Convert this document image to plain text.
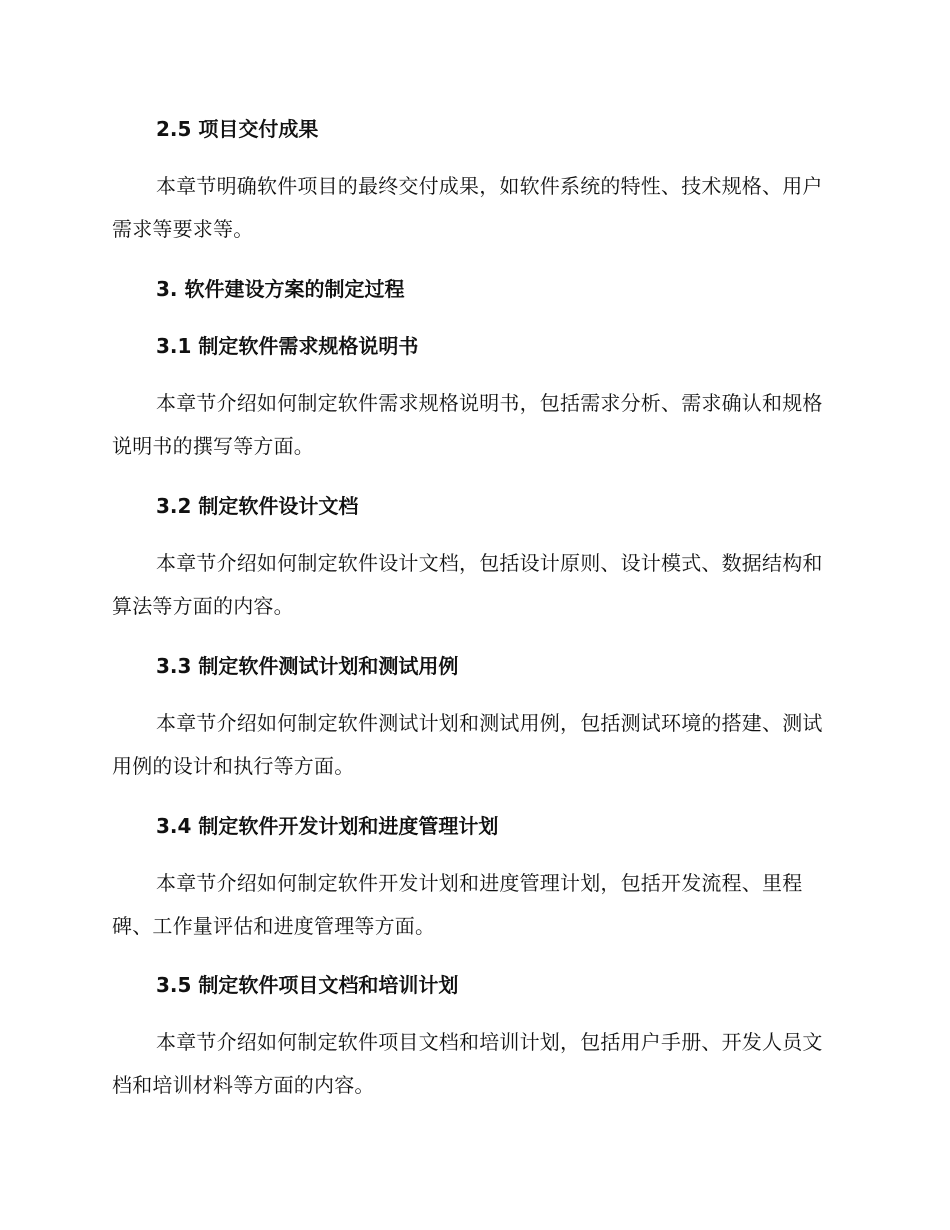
2.5 项目交付成果
本章节明确软件项目的最终交付成果，如软件系统的特性、技术规格、用户需求等要求等。
3. 软件建设方案的制定过程
3.1 制定软件需求规格说明书
本章节介绍如何制定软件需求规格说明书，包括需求分析、需求确认和规格说明书的撰写等方面。
3.2 制定软件设计文档
本章节介绍如何制定软件设计文档，包括设计原则、设计模式、数据结构和算法等方面的内容。
3.3 制定软件测试计划和测试用例
本章节介绍如何制定软件测试计划和测试用例，包括测试环境的搭建、测试用例的设计和执行等方面。
3.4 制定软件开发计划和进度管理计划
本章节介绍如何制定软件开发计划和进度管理计划，包括开发流程、里程碑、工作量评估和进度管理等方面。
3.5 制定软件项目文档和培训计划
本章节介绍如何制定软件项目文档和培训计划，包括用户手册、开发人员文档和培训材料等方面的内容。
